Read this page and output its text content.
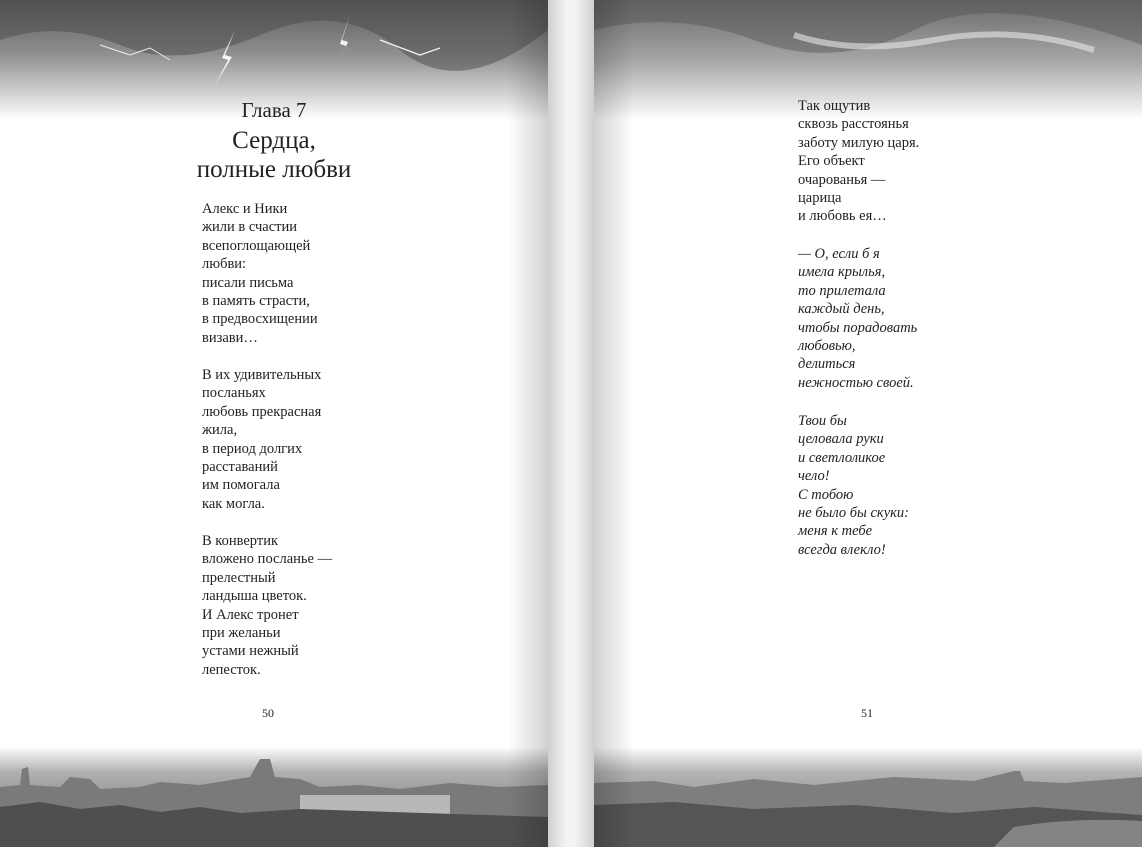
Глава 7
Сердца,
полные любви

Алекс и Ники
жили в счастии
всепоглощающей
любви:
писали письма
в память страсти,
в предвосхищении
визави…

В их удивительных
посланьях
любовь прекрасная
жила,
в период долгих
расставаний
им помогала
как могла.

В конвертик
вложено посланье —
прелестный
ландыша цветок.
И Алекс тронет
при желаньи
устами нежный
лепесток.

50

Так ощутив
сквозь расстоянья
заботу милую царя.
Его объект
очарованья —
царица
и любовь ея…

— О, если б я
имела крылья,
то прилетала
каждый день,
чтобы порадовать
любовью,
делиться
нежностью своей.

Твои бы
целовала руки
и светлоликое
чело!
С тобою
не было бы скуки:
меня к тебе
всегда влекло!

51
